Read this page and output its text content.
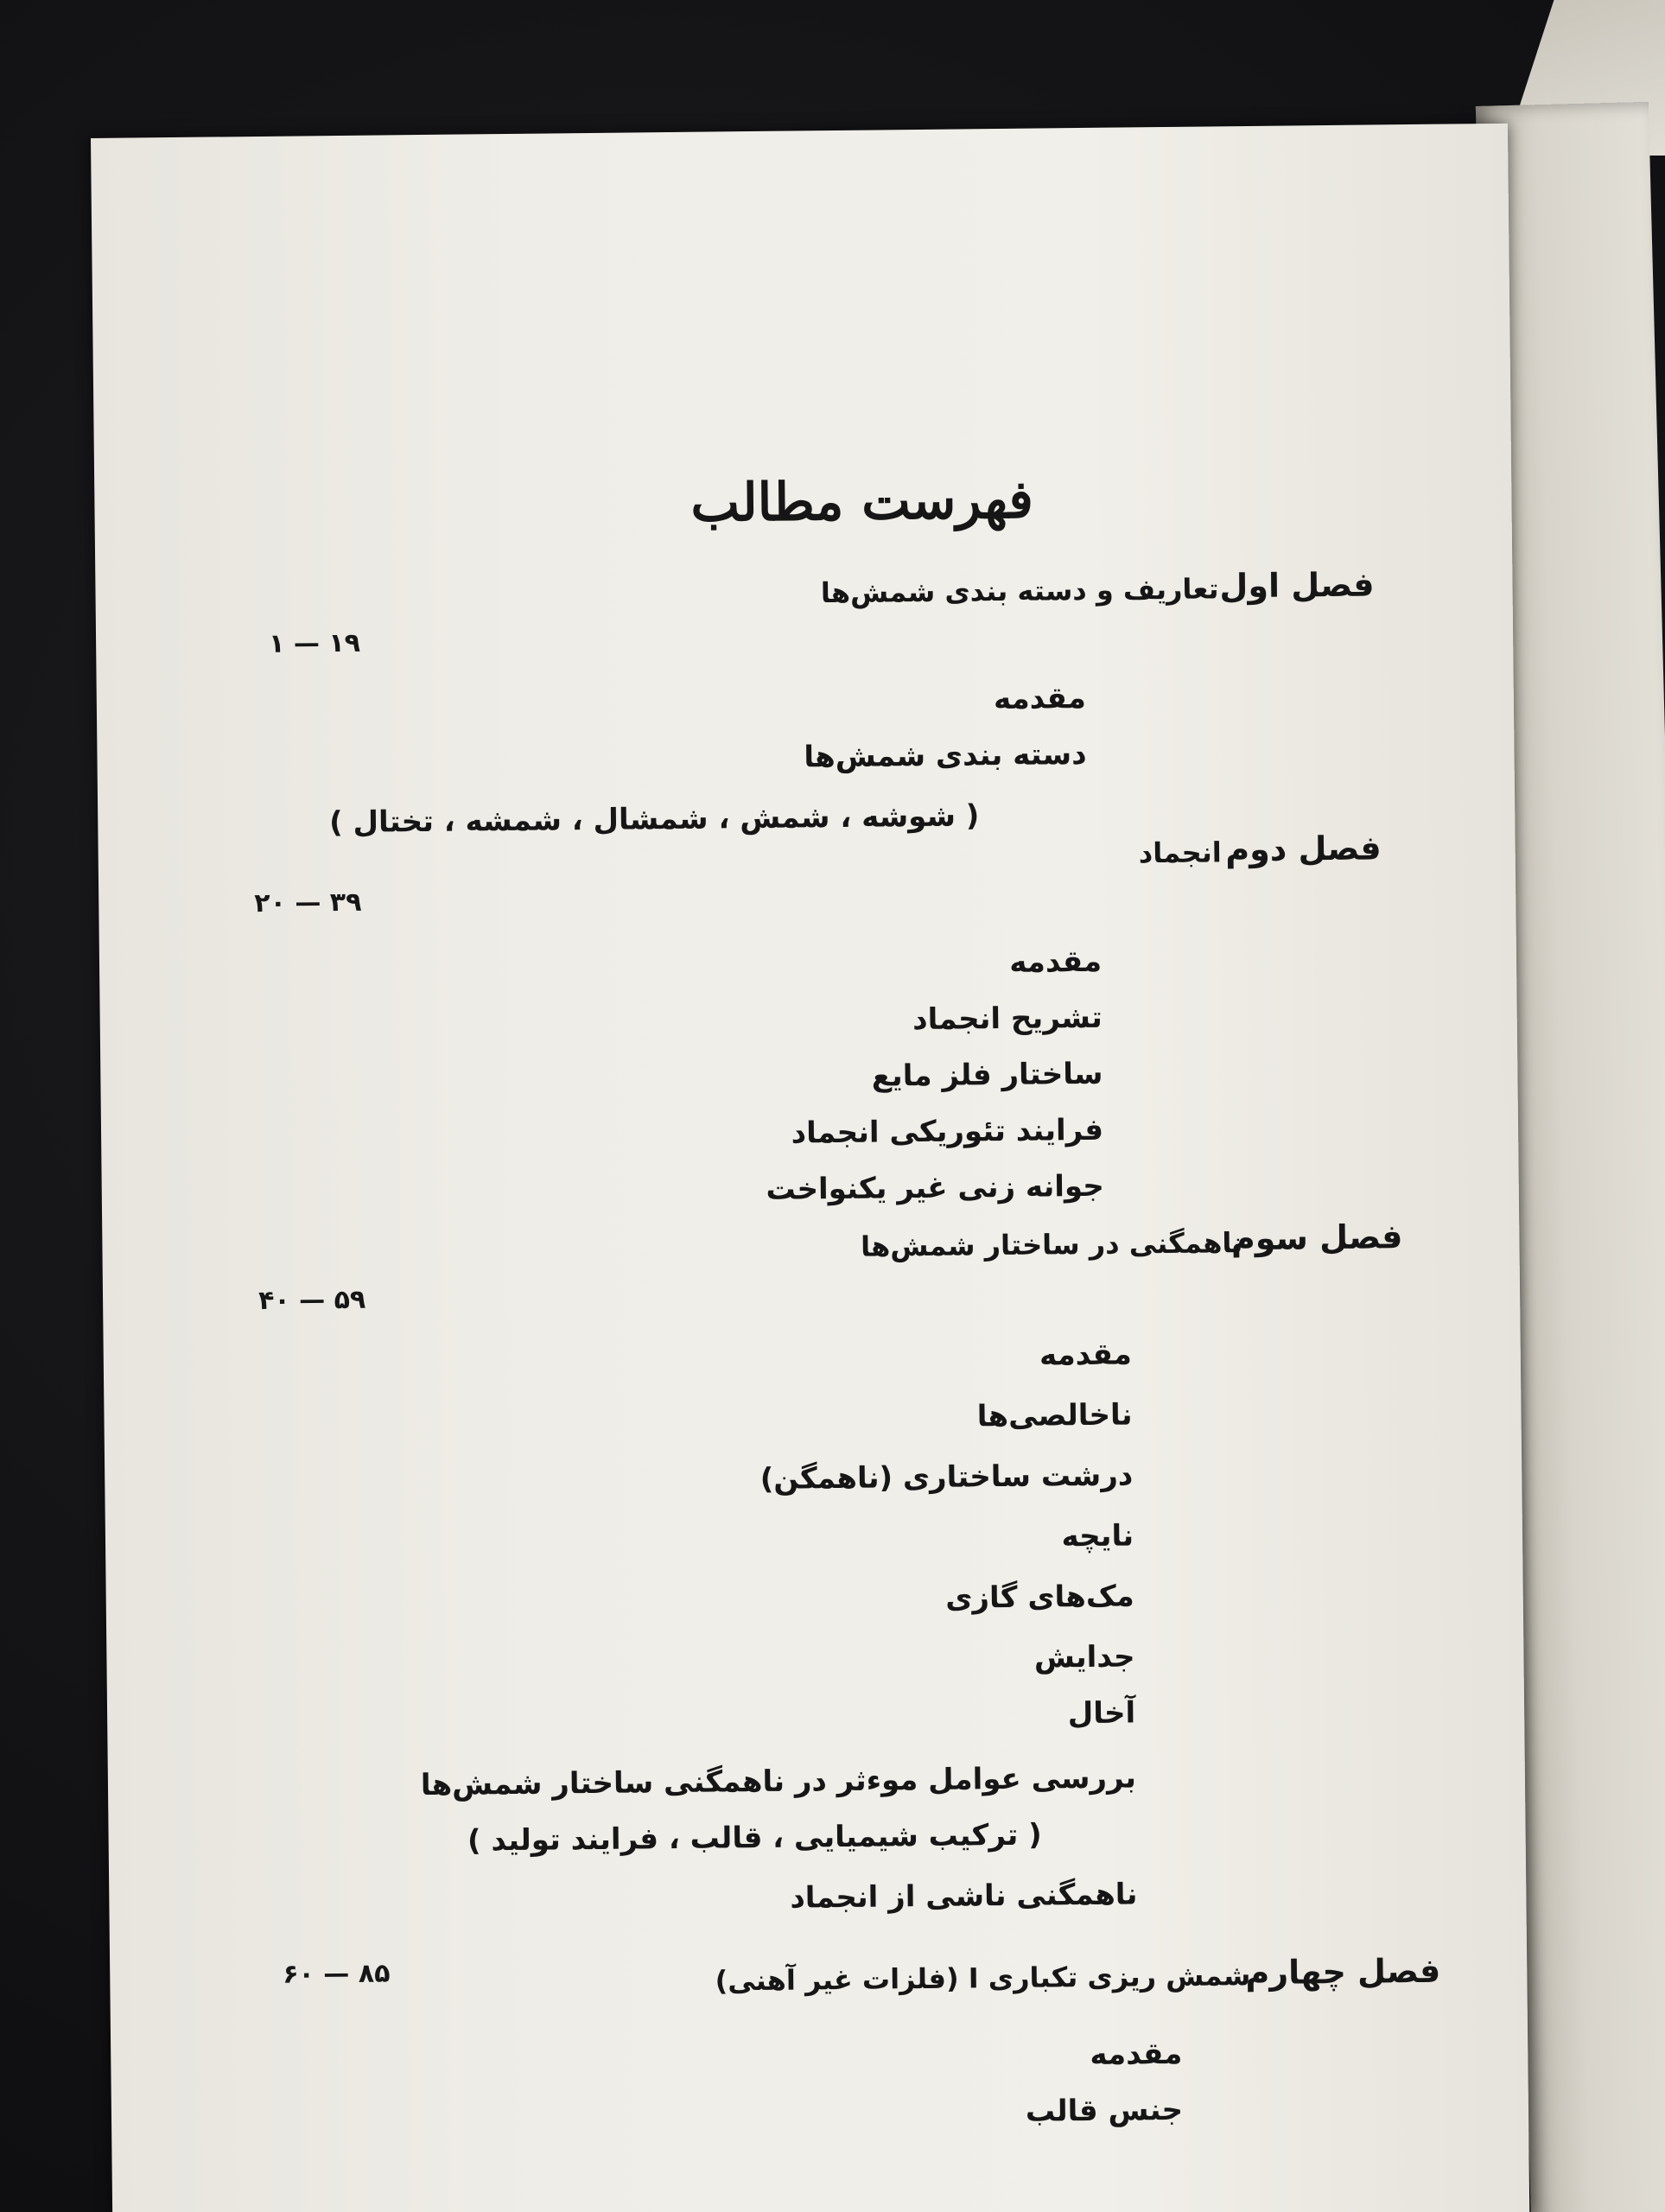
فهرست مطالب
فصل اول
تعاریف و دسته بندی شمش‌ها
۱۹ — ۱
مقدمه
دسته بندی شمش‌ها
( شوشه ، شمش ، شمشال ، شمشه ، تختال )
فصل دوم
انجماد
۳۹ — ۲۰
مقدمه
تشریح انجماد
ساختار فلز مایع
فرایند تئوریکی انجماد
جوانه زنی غیر یکنواخت
فصل سوم
ناهمگنی در ساختار شمش‌ها
۵۹ — ۴۰
مقدمه
ناخالصی‌ها
درشت ساختاری (ناهمگن)
نایچه
مک‌های گازی
جدایش
آخال
بررسی عوامل موءثر در ناهمگنی ساختار شمش‌ها
( ترکیب شیمیایی ، قالب ، فرایند تولید )
ناهمگنی ناشی از انجماد
فصل چهارم
شمش ریزی تکباری I (فلزات غیر آهنی)
۸۵ — ۶۰
مقدمه
جنس قالب
